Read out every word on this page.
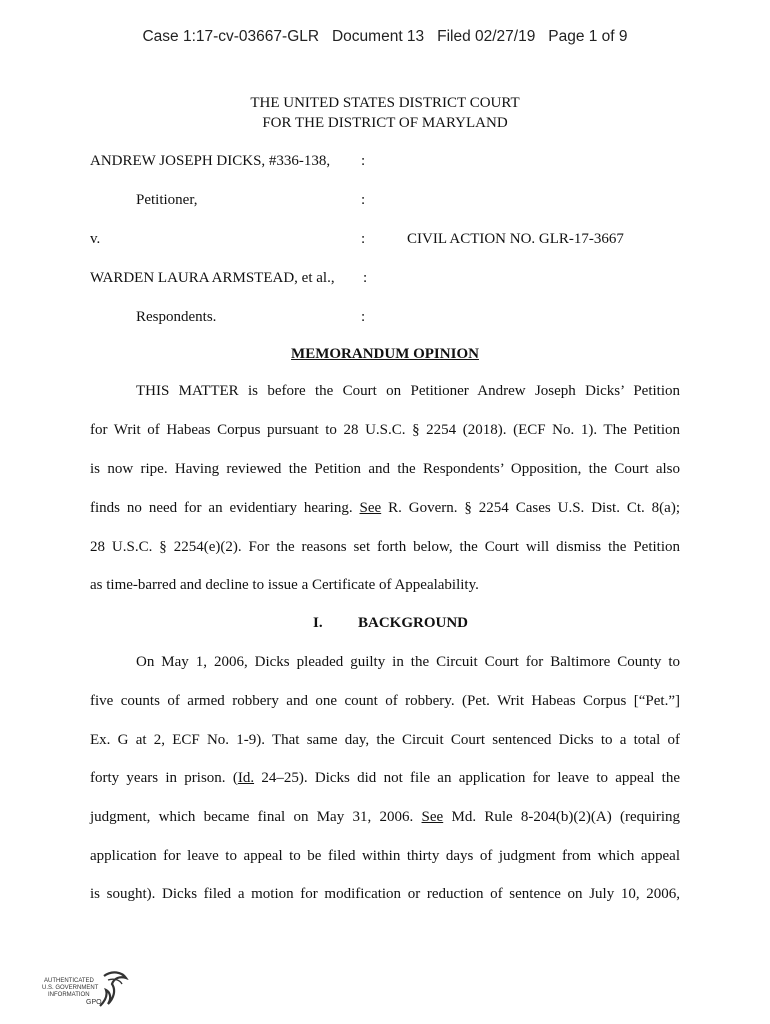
Case 1:17-cv-03667-GLR   Document 13   Filed 02/27/19   Page 1 of 9
THE UNITED STATES DISTRICT COURT
FOR THE DISTRICT OF MARYLAND
ANDREW JOSEPH DICKS, #336-138, :
Petitioner,	:
v.	:	CIVIL ACTION NO. GLR-17-3667
WARDEN LAURA ARMSTEAD, et al., :
Respondents.	:
MEMORANDUM OPINION
THIS MATTER is before the Court on Petitioner Andrew Joseph Dicks’ Petition
for Writ of Habeas Corpus pursuant to 28 U.S.C. § 2254 (2018). (ECF No. 1). The Petition
is now ripe. Having reviewed the Petition and the Respondents’ Opposition, the Court also
finds no need for an evidentiary hearing. See R. Govern. § 2254 Cases U.S. Dist. Ct. 8(a);
28 U.S.C. § 2254(e)(2). For the reasons set forth below, the Court will dismiss the Petition
as time-barred and decline to issue a Certificate of Appealability.
I. BACKGROUND
On May 1, 2006, Dicks pleaded guilty in the Circuit Court for Baltimore County to
five counts of armed robbery and one count of robbery. (Pet. Writ Habeas Corpus [“Pet.”]
Ex. G at 2, ECF No. 1-9). That same day, the Circuit Court sentenced Dicks to a total of
forty years in prison. (Id. 24–25). Dicks did not file an application for leave to appeal the
judgment, which became final on May 31, 2006. See Md. Rule 8-204(b)(2)(A) (requiring
application for leave to appeal to be filed within thirty days of judgment from which appeal
is sought). Dicks filed a motion for modification or reduction of sentence on July 10, 2006,
AUTHENTICATED
U.S. GOVERNMENT
INFORMATION
GPO
